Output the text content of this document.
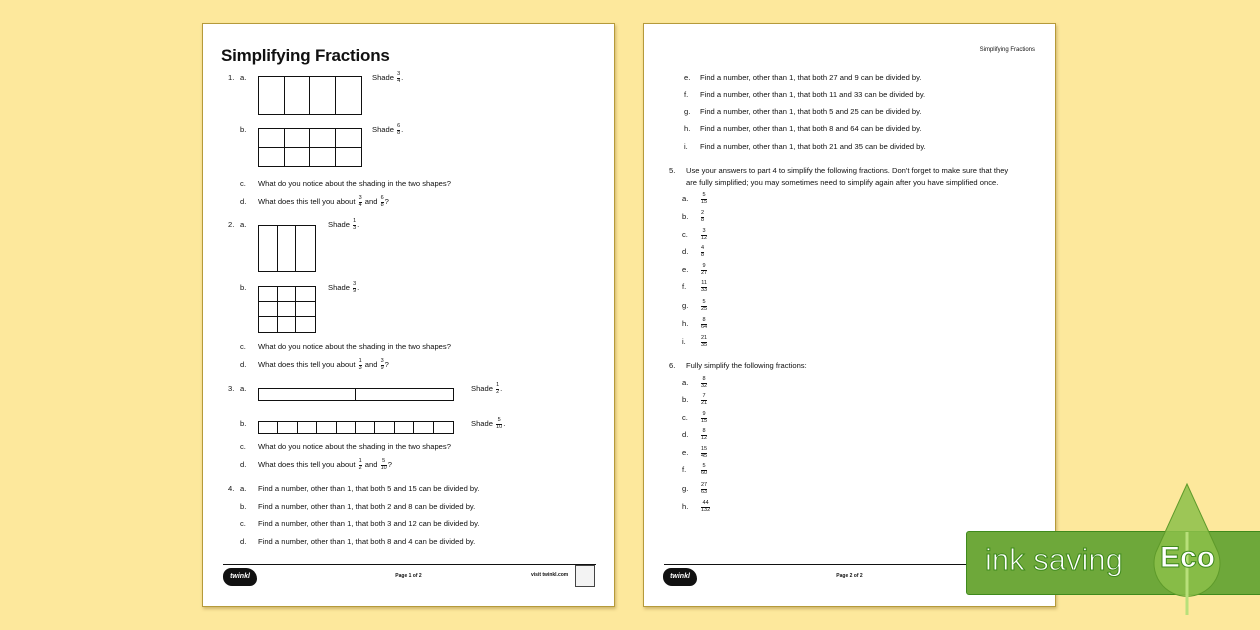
Simplifying Fractions
twinkl	Page 1 of 2	visit twinkl.com
1. a.	Shade $\frac{3}{4}$ .
b.	Shade $\frac{6}{8}$ .
c. What do you notice about the shading in the two shapes?
d. What does this tell you about $\frac{3}{4}$ and $\frac{6}{8}$ ?
2. a.	Shade $\frac{1}{3}$ .
b.	Shade $\frac{3}{9}$ .
c. What do you notice about the shading in the two shapes?
d. What does this tell you about $\frac{1}{3}$ and $\frac{3}{9}$ ?
3. a.	Shade $\frac{1}{2}$ .
b.	Shade $\frac{5}{10}$ .
c. What do you notice about the shading in the two shapes?
d. What does this tell you about $\frac{1}{2}$ and $\frac{5}{10}$ ?
4. a. Find a number, other than 1, that both 5 and 15 can be divided by.
b. Find a number, other than 1, that both 2 and 8 can be divided by.
c. Find a number, other than 1, that both 3 and 12 can be divided by.
d. Find a number, other than 1, that both 8 and 4 can be divided by.
Simplifying Fractions
twinkl	Page 2 of 2
e. Find a number, other than 1, that both 27 and 9 can be divided by.
f. Find a number, other than 1, that both 11 and 33 can be divided by.
g. Find a number, other than 1, that both 5 and 25 can be divided by.
h. Find a number, other than 1, that both 8 and 64 can be divided by.
i. Find a number, other than 1, that both 21 and 35 can be divided by.
5. Use your answers to part 4 to simplify the following fractions. Don't forget to make sure that they
are fully simplified; you may sometimes need to simplify again after you have simplified once.
a. $\frac{5}{15}$
b. $\frac{2}{8}$
c. $\frac{3}{12}$
d. $\frac{4}{8}$
e. $\frac{9}{27}$
f.	$\frac{11}{33}$
g. $\frac{5}{25}$
h. $\frac{8}{64}$
i.	$\frac{21}{35}$
6. Fully simplify the following fractions:
a. $\frac{8}{32}$
b. $\frac{7}{21}$
c. $\frac{9}{15}$
d. $\frac{8}{12}$
e. $\frac{15}{45}$
f.	$\frac{5}{60}$
g. $\frac{27}{63}$
h. $\frac{44}{132}$
ink saving Eco
